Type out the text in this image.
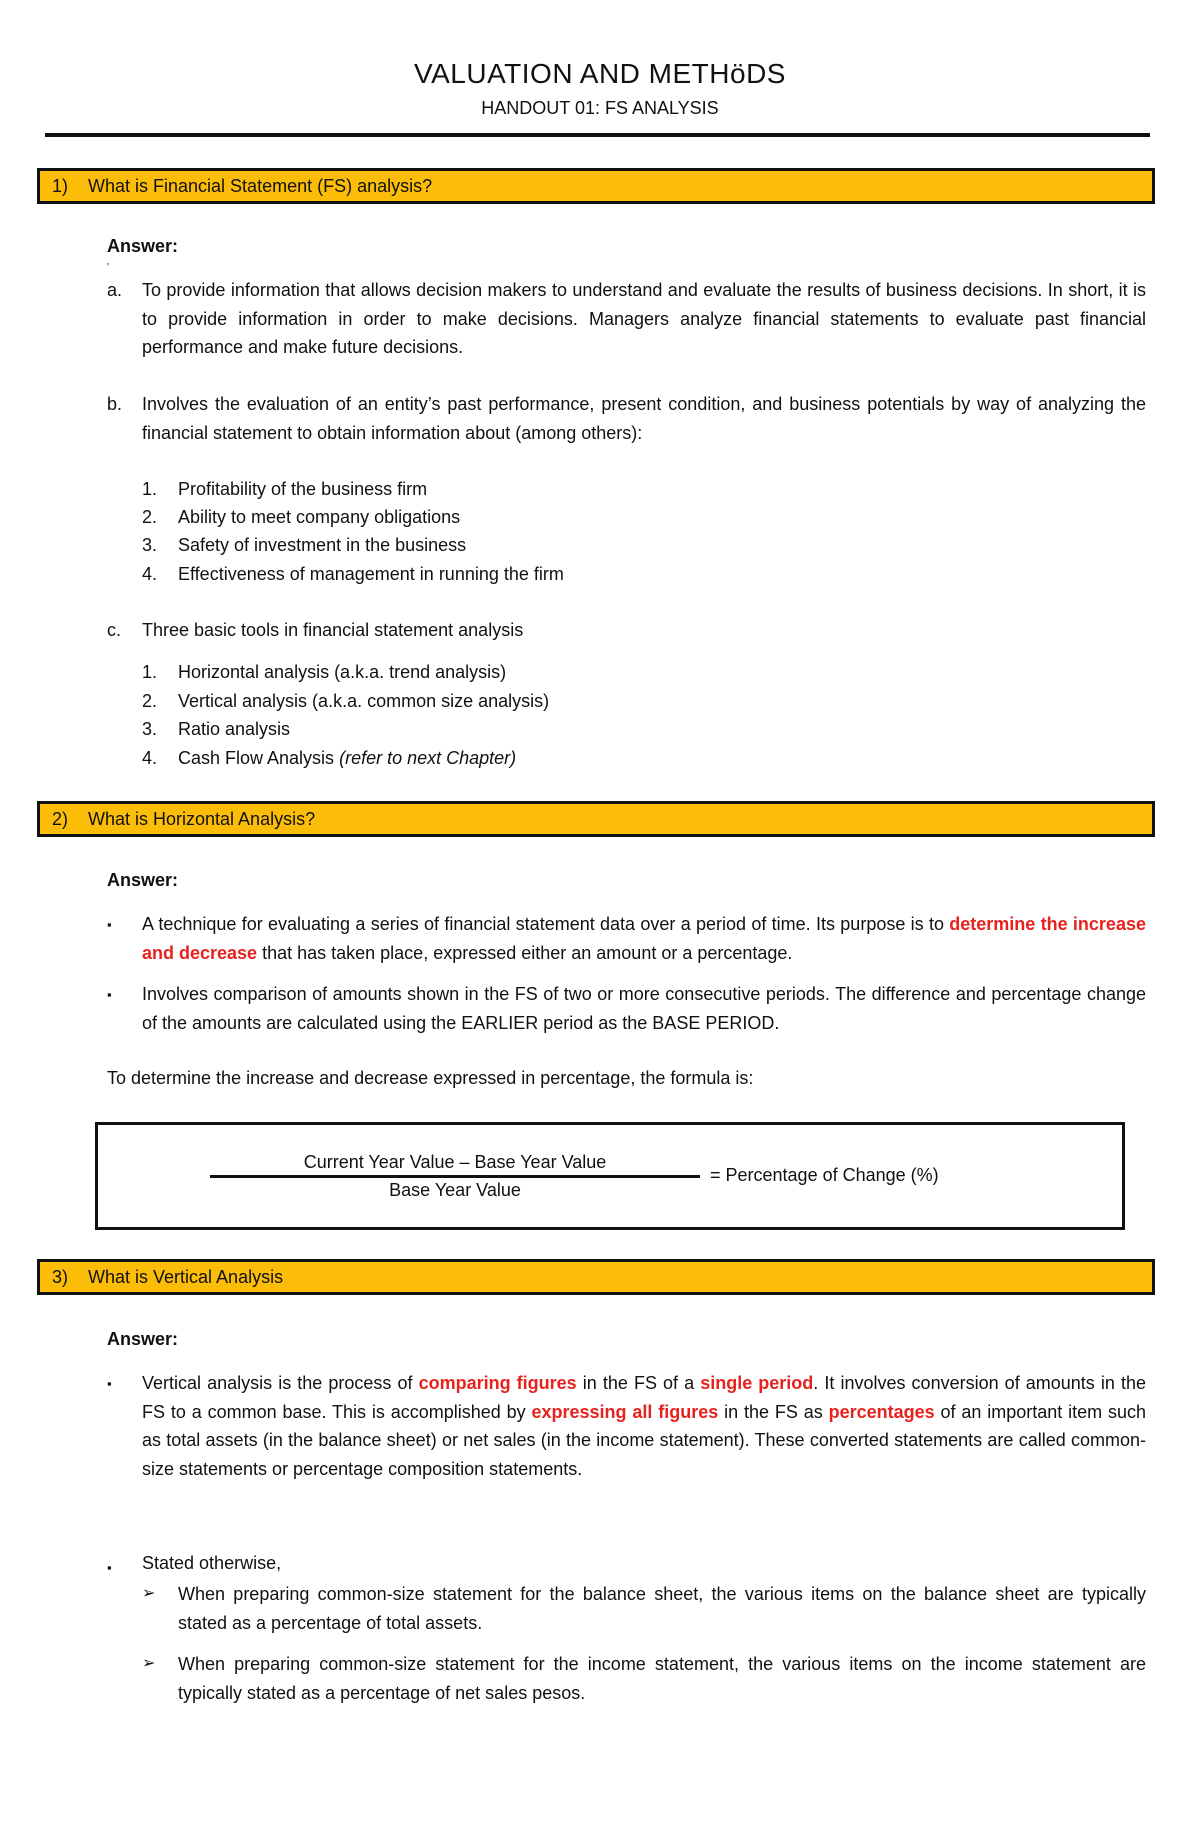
VALUATION AND METHöDS
HANDOUT 01: FS ANALYSIS
1) What is Financial Statement (FS) analysis?
Answer:
'
a. To provide information that allows decision makers to understand and evaluate the results of business decisions. In short, it is to provide information in order to make decisions. Managers analyze financial statements to evaluate past financial performance and make future decisions.
b. Involves the evaluation of an entity’s past performance, present condition, and business potentials by way of analyzing the financial statement to obtain information about (among others):
1. Profitability of the business firm
2. Ability to meet company obligations
3. Safety of investment in the business
4. Effectiveness of management in running the firm
c. Three basic tools in financial statement analysis
1. Horizontal analysis (a.k.a. trend analysis)
2. Vertical analysis (a.k.a. common size analysis)
3. Ratio analysis
4. Cash Flow Analysis (refer to next Chapter)
2) What is Horizontal Analysis?
Answer:
▪ A technique for evaluating a series of financial statement data over a period of time. Its purpose is to determine the increase and decrease that has taken place, expressed either an amount or a percentage.
▪ Involves comparison of amounts shown in the FS of two or more consecutive periods. The difference and percentage change of the amounts are calculated using the EARLIER period as the BASE PERIOD.
To determine the increase and decrease expressed in percentage, the formula is:
Current Year Value – Base Year Value
Base Year Value
= Percentage of Change (%)
3) What is Vertical Analysis
Answer:
▪ Vertical analysis is the process of comparing figures in the FS of a single period. It involves conversion of amounts in the FS to a common base. This is accomplished by expressing all figures in the FS as percentages of an important item such as total assets (in the balance sheet) or net sales (in the income statement). These converted statements are called common-size statements or percentage composition statements.
▪ Stated otherwise,
➢ When preparing common-size statement for the balance sheet, the various items on the balance sheet are typically stated as a percentage of total assets.
➢ When preparing common-size statement for the income statement, the various items on the income statement are typically stated as a percentage of net sales pesos.
